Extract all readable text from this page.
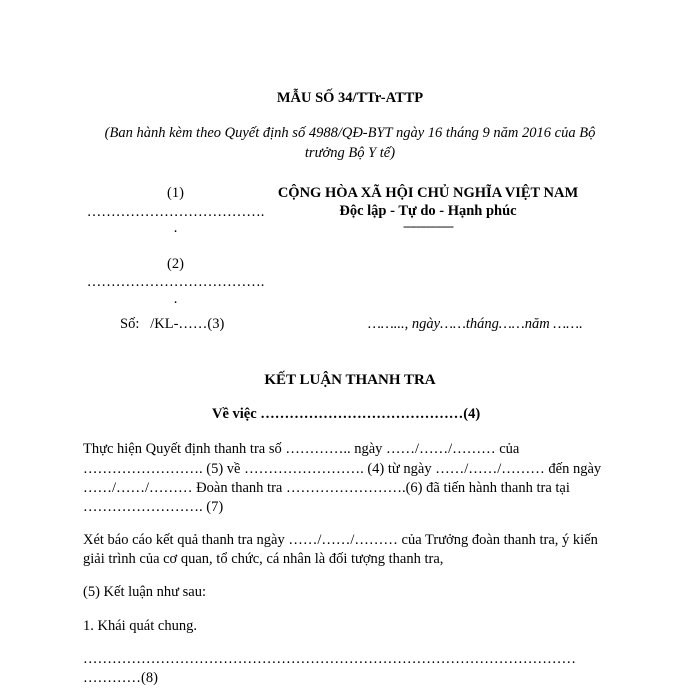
MẪU SỐ 34/TTr-ATTP
(Ban hành kèm theo Quyết định số 4988/QĐ-BYT ngày 16 tháng 9 năm 2016 của Bộ
trưởng Bộ Y tế)
(1)
……………………………….
.
(2)
……………………………….
.
Số:   /KL-……(3)
CỘNG HÒA XÃ HỘI CHỦ NGHĨA VIỆT NAM
Độc lập - Tự do - Hạnh phúc
---------------
……..., ngày……tháng……năm …….
KẾT LUẬN THANH TRA
Về việc ……………………………………(4)
Thực hiện Quyết định thanh tra số ………….. ngày ……/……/……… của
……………………. (5) về ……………………. (4) từ ngày ……/……/……… đến ngày
……/……/……… Đoàn thanh tra …………………….(6) đã tiến hành thanh tra tại
……………………. (7)
Xét báo cáo kết quả thanh tra ngày ……/……/……… của Trưởng đoàn thanh tra, ý kiến
giải trình của cơ quan, tổ chức, cá nhân là đối tượng thanh tra,
(5) Kết luận như sau:
1. Khái quát chung.
…………………………………………………………………………………………
…………(8)
